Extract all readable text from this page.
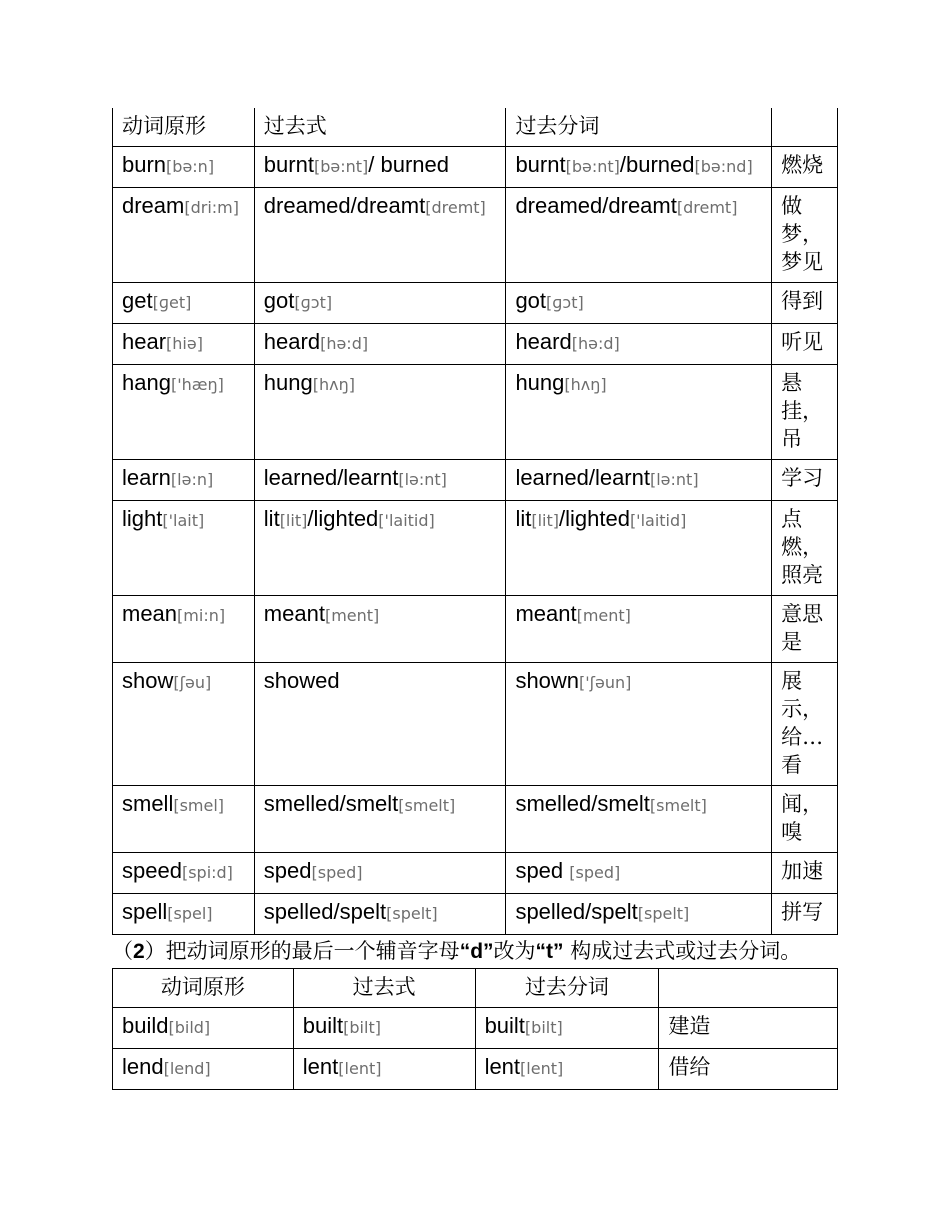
动词原形	过去式	过去分词	
burn[bə:n]	burnt[bə:nt]/ burned	burnt[bə:nt]/burned[bə:nd]	燃烧
dream[dri:m]	dreamed/dreamt[dremt]	dreamed/dreamt[dremt]	做梦，梦见
get[ɡet]	got[ɡɔt]	got[ɡɔt]	得到
hear[hiə]	heard[hə:d]	heard[hə:d]	听见
hang['hæŋ]	hung[hʌŋ]	hung[hʌŋ]	悬挂，吊
learn[lə:n]	learned/learnt[lə:nt]	learned/learnt[lə:nt]	学习
light['lait]	lit[lit]/lighted['laitid]	lit[lit]/lighted['laitid]	点燃，照亮
mean[mi:n]	meant[ment]	meant[ment]	意思是
show[ʃəu]	showed	shown['ʃəun]	展示，给…看
smell[smel]	smelled/smelt[smelt]	smelled/smelt[smelt]	闻，嗅
speed[spi:d]	sped[sped]	sped [sped]	加速
spell[spel]	spelled/spelt[spelt]	spelled/spelt[spelt]	拼写

（2）把动词原形的最后一个辅音字母“d”改为“t” 构成过去式或过去分词。

动词原形	过去式	过去分词	
build[bild]	built[bilt]	built[bilt]	建造
lend[lend]	lent[lent]	lent[lent]	借给
